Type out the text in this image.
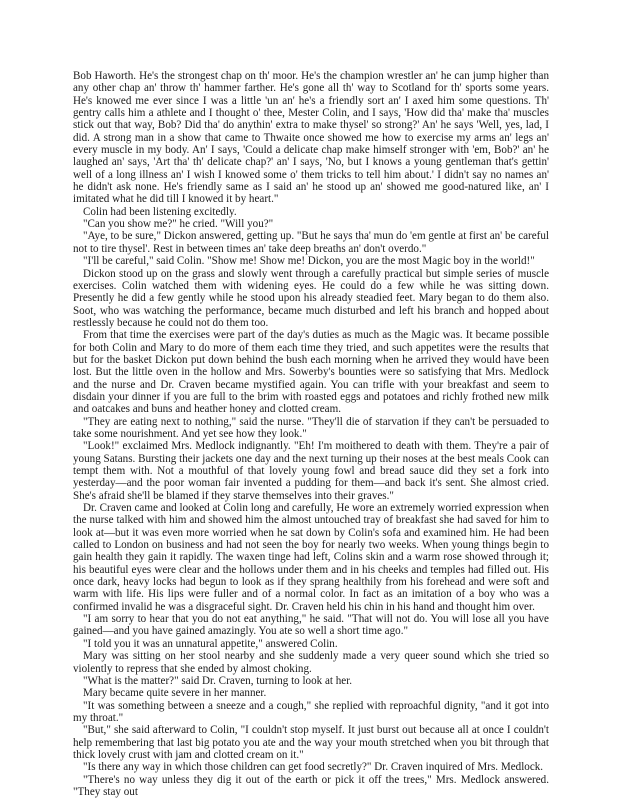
Bob Haworth. He's the strongest chap on th' moor. He's the champion wrestler an' he can jump higher than any other chap an' throw th' hammer farther. He's gone all th' way to Scotland for th' sports some years. He's knowed me ever since I was a little 'un an' he's a friendly sort an' I axed him some questions. Th' gentry calls him a athlete and I thought o' thee, Mester Colin, and I says, 'How did tha' make tha' muscles stick out that way, Bob? Did tha' do anythin' extra to make thysel' so strong?' An' he says 'Well, yes, lad, I did. A strong man in a show that came to Thwaite once showed me how to exercise my arms an' legs an' every muscle in my body. An' I says, 'Could a delicate chap make himself stronger with 'em, Bob?' an' he laughed an' says, 'Art tha' th' delicate chap?' an' I says, 'No, but I knows a young gentleman that's gettin' well of a long illness an' I wish I knowed some o' them tricks to tell him about.' I didn't say no names an' he didn't ask none. He's friendly same as I said an' he stood up an' showed me good-natured like, an' I imitated what he did till I knowed it by heart."

Colin had been listening excitedly.

"Can you show me?" he cried. "Will you?"

"Aye, to be sure," Dickon answered, getting up. "But he says tha' mun do 'em gentle at first an' be careful not to tire thysel'. Rest in between times an' take deep breaths an' don't overdo."

"I'll be careful," said Colin. "Show me! Show me! Dickon, you are the most Magic boy in the world!"

Dickon stood up on the grass and slowly went through a carefully practical but simple series of muscle exercises. Colin watched them with widening eyes. He could do a few while he was sitting down. Presently he did a few gently while he stood upon his already steadied feet. Mary began to do them also. Soot, who was watching the performance, became much disturbed and left his branch and hopped about restlessly because he could not do them too.

From that time the exercises were part of the day's duties as much as the Magic was. It became possible for both Colin and Mary to do more of them each time they tried, and such appetites were the results that but for the basket Dickon put down behind the bush each morning when he arrived they would have been lost. But the little oven in the hollow and Mrs. Sowerby's bounties were so satisfying that Mrs. Medlock and the nurse and Dr. Craven became mystified again. You can trifle with your breakfast and seem to disdain your dinner if you are full to the brim with roasted eggs and potatoes and richly frothed new milk and oatcakes and buns and heather honey and clotted cream.

"They are eating next to nothing," said the nurse. "They'll die of starvation if they can't be persuaded to take some nourishment. And yet see how they look."

"Look!" exclaimed Mrs. Medlock indignantly. "Eh! I'm moithered to death with them. They're a pair of young Satans. Bursting their jackets one day and the next turning up their noses at the best meals Cook can tempt them with. Not a mouthful of that lovely young fowl and bread sauce did they set a fork into yesterday—and the poor woman fair invented a pudding for them—and back it's sent. She almost cried. She's afraid she'll be blamed if they starve themselves into their graves."

Dr. Craven came and looked at Colin long and carefully, He wore an extremely worried expression when the nurse talked with him and showed him the almost untouched tray of breakfast she had saved for him to look at—but it was even more worried when he sat down by Colin's sofa and examined him. He had been called to London on business and had not seen the boy for nearly two weeks. When young things begin to gain health they gain it rapidly. The waxen tinge had left, Colins skin and a warm rose showed through it; his beautiful eyes were clear and the hollows under them and in his cheeks and temples had filled out. His once dark, heavy locks had begun to look as if they sprang healthily from his forehead and were soft and warm with life. His lips were fuller and of a normal color. In fact as an imitation of a boy who was a confirmed invalid he was a disgraceful sight. Dr. Craven held his chin in his hand and thought him over.

"I am sorry to hear that you do not eat anything," he said. "That will not do. You will lose all you have gained—and you have gained amazingly. You ate so well a short time ago."

"I told you it was an unnatural appetite," answered Colin.

Mary was sitting on her stool nearby and she suddenly made a very queer sound which she tried so violently to repress that she ended by almost choking.

"What is the matter?" said Dr. Craven, turning to look at her.

Mary became quite severe in her manner.

"It was something between a sneeze and a cough," she replied with reproachful dignity, "and it got into my throat."

"But," she said afterward to Colin, "I couldn't stop myself. It just burst out because all at once I couldn't help remembering that last big potato you ate and the way your mouth stretched when you bit through that thick lovely crust with jam and clotted cream on it."

"Is there any way in which those children can get food secretly?" Dr. Craven inquired of Mrs. Medlock.

"There's no way unless they dig it out of the earth or pick it off the trees," Mrs. Medlock answered. "They stay out
